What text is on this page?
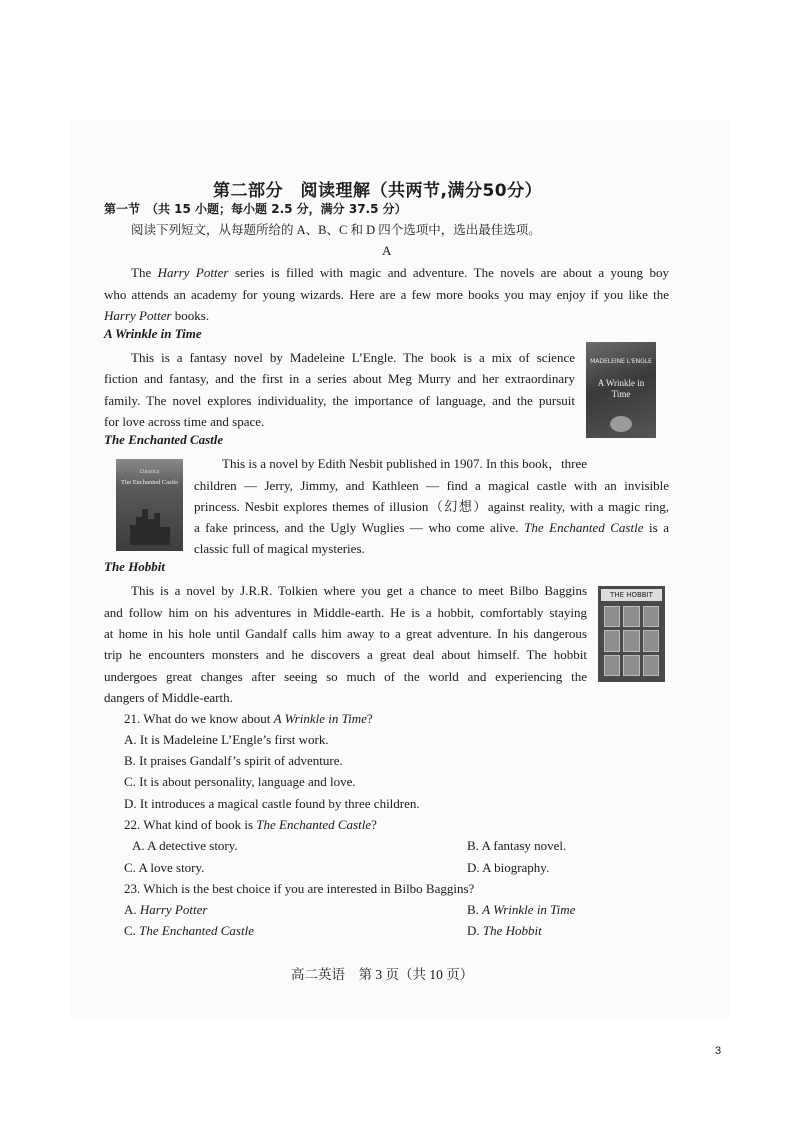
第二部分　阅读理解（共两节,满分50分）
第一节　（共 15 小题；每小题 2.5 分，满分 37.5 分）
阅读下列短文，从每题所给的 A、B、C 和 D 四个选项中，选出最佳选项。
A
The Harry Potter series is filled with magic and adventure. The novels are about a young boy
who attends an academy for young wizards. Here are a few more books you may enjoy if you like the
Harry Potter books.
A Wrinkle in Time
This is a fantasy novel by Madeleine L’Engle. The book is a mix of science
fiction and fantasy, and the first in a series about Meg Murry and her extraordinary
family. The novel explores individuality, the importance of language, and the pursuit
for love across time and space.
MADELEINE L'ENGLE
A Wrinkle in Time
The Enchanted Castle
Classics
The Enchanted Castle
This is a novel by Edith Nesbit published in 1907. In this book，three
children — Jerry, Jimmy, and Kathleen — find a magical castle with an invisible
princess. Nesbit explores themes of illusion（幻想）against reality, with a magic ring,
a fake princess, and the Ugly Wuglies — who come alive. The Enchanted Castle is a
classic full of magical mysteries.
The Hobbit
This is a novel by J.R.R. Tolkien where you get a chance to meet Bilbo Baggins
and follow him on his adventures in Middle-earth. He is a hobbit, comfortably staying
at home in his hole until Gandalf calls him away to a great adventure. In his dangerous
trip he encounters monsters and he discovers a great deal about himself. The hobbit
undergoes great changes after seeing so much of the world and experiencing the
dangers of Middle-earth.
THE HOBBIT
21. What do we know about A Wrinkle in Time?
A. It is Madeleine L’Engle’s first work.
B. It praises Gandalf’s spirit of adventure.
C. It is about personality, language and love.
D. It introduces a magical castle found by three children.
22. What kind of book is The Enchanted Castle?
A. A detective story.	B. A fantasy novel.
C. A love story.	D. A biography.
23. Which is the best choice if you are interested in Bilbo Baggins?
A. Harry Potter	B. A Wrinkle in Time
C. The Enchanted Castle	D. The Hobbit
高二英语　第 3 页（共 10 页）
3
